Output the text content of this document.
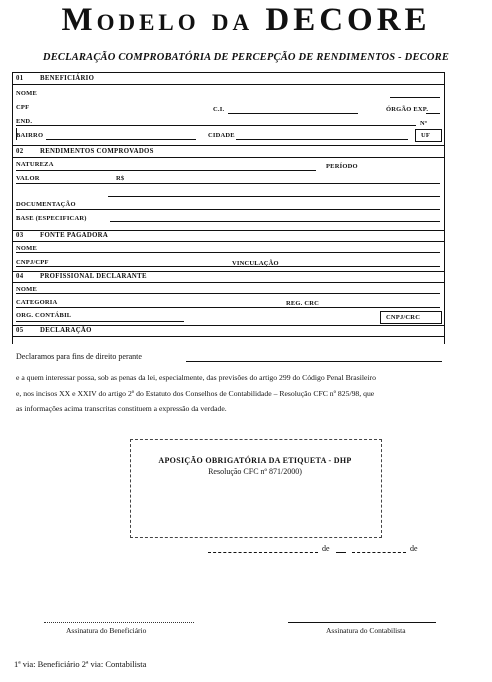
Modelo da DECORE
DECLARAÇÃO COMPROBATÓRIA DE PERCEPÇÃO DE RENDIMENTOS - DECORE
01 BENEFICIÁRIO
NOME
CPF	C.I.	ÓRGÃO EXP.
END.	Nº
BAIRRO	CIDADE	UF
02 RENDIMENTOS COMPROVADOS
NATUREZA	PERÍODO
VALOR	R$
DOCUMENTAÇÃO
BASE (ESPECIFICAR)
03 FONTE PAGADORA
NOME
CNPJ/CPF	VINCULAÇÃO
04 PROFISSIONAL DECLARANTE
NOME
CATEGORIA	REG. CRC
ORG. CONTÁBIL	CNPJ/CRC
05 DECLARAÇÃO
Declaramos para fins de direito perante
e a quem interessar possa, sob as penas da lei, especialmente, das previsões do artigo 299 do Código Penal Brasileiro
e, nos incisos XX e XXIV do artigo 2º do Estatuto dos Conselhos de Contabilidade – Resolução CFC nº 825/98, que
as informações acima transcritas constituem a expressão da verdade.
APOSIÇÃO OBRIGATÓRIA DA ETIQUETA - DHP
Resolução CFC nº 871/2000)
de	de
Assinatura do Beneficiário	Assinatura do Contabilista
1ª via: Beneficiário 2ª via: Contabilista
